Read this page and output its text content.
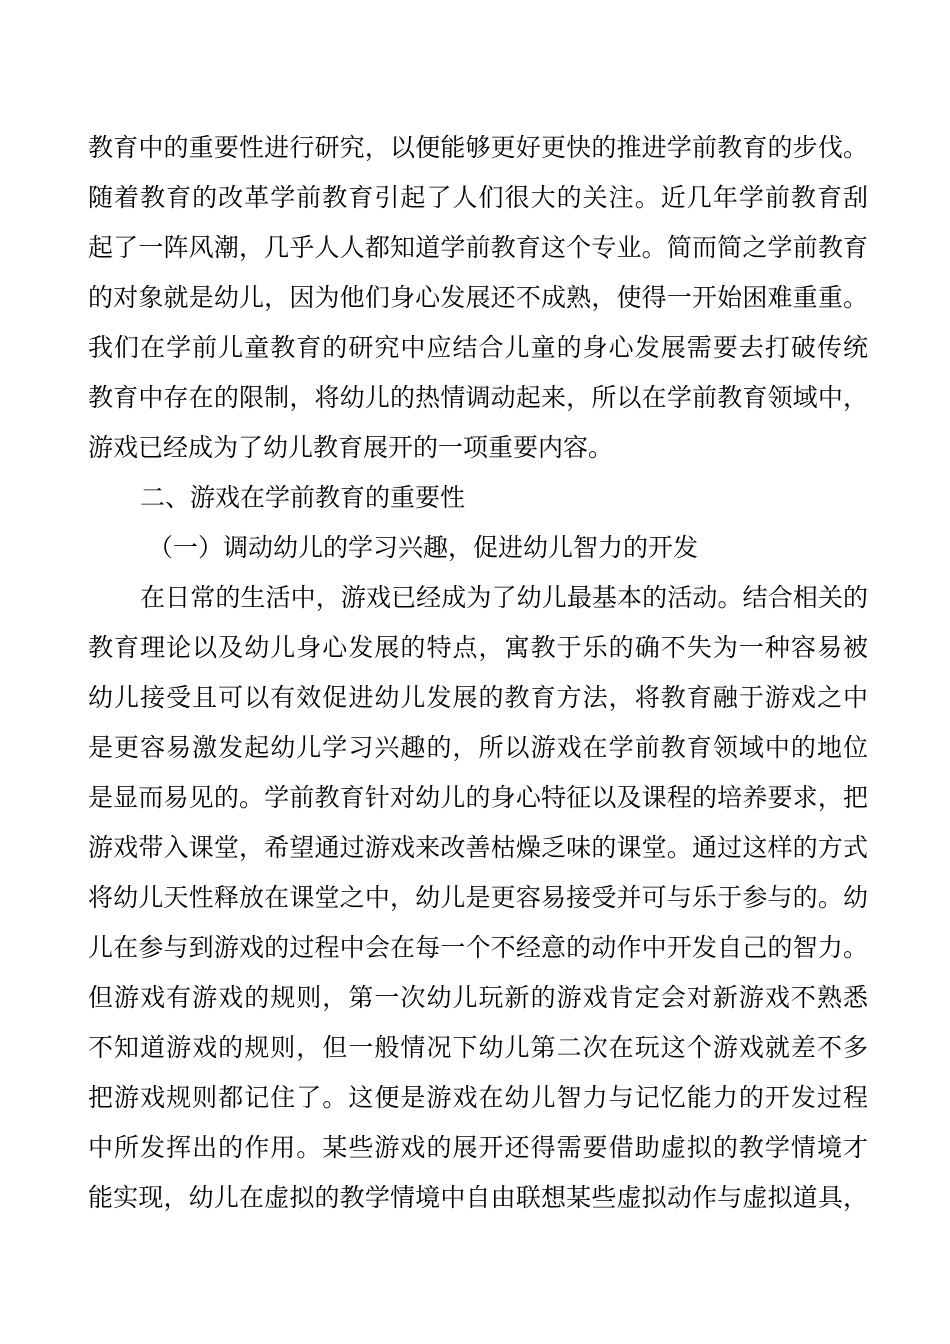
教育中的重要性进行研究，以便能够更好更快的推进学前教育的步伐。
随着教育的改革学前教育引起了人们很大的关注。近几年学前教育刮
起了一阵风潮，几乎人人都知道学前教育这个专业。简而简之学前教育
的对象就是幼儿，因为他们身心发展还不成熟，使得一开始困难重重。
我们在学前儿童教育的研究中应结合儿童的身心发展需要去打破传统
教育中存在的限制，将幼儿的热情调动起来，所以在学前教育领域中，
游戏已经成为了幼儿教育展开的一项重要内容。
二、游戏在学前教育的重要性
（一）调动幼儿的学习兴趣，促进幼儿智力的开发
在日常的生活中，游戏已经成为了幼儿最基本的活动。结合相关的
教育理论以及幼儿身心发展的特点，寓教于乐的确不失为一种容易被
幼儿接受且可以有效促进幼儿发展的教育方法，将教育融于游戏之中
是更容易激发起幼儿学习兴趣的，所以游戏在学前教育领域中的地位
是显而易见的。学前教育针对幼儿的身心特征以及课程的培养要求，把
游戏带入课堂，希望通过游戏来改善枯燥乏味的课堂。通过这样的方式
将幼儿天性释放在课堂之中，幼儿是更容易接受并可与乐于参与的。幼
儿在参与到游戏的过程中会在每一个不经意的动作中开发自己的智力。
但游戏有游戏的规则，第一次幼儿玩新的游戏肯定会对新游戏不熟悉
不知道游戏的规则，但一般情况下幼儿第二次在玩这个游戏就差不多
把游戏规则都记住了。这便是游戏在幼儿智力与记忆能力的开发过程
中所发挥出的作用。某些游戏的展开还得需要借助虚拟的教学情境才
能实现，幼儿在虚拟的教学情境中自由联想某些虚拟动作与虚拟道具，
